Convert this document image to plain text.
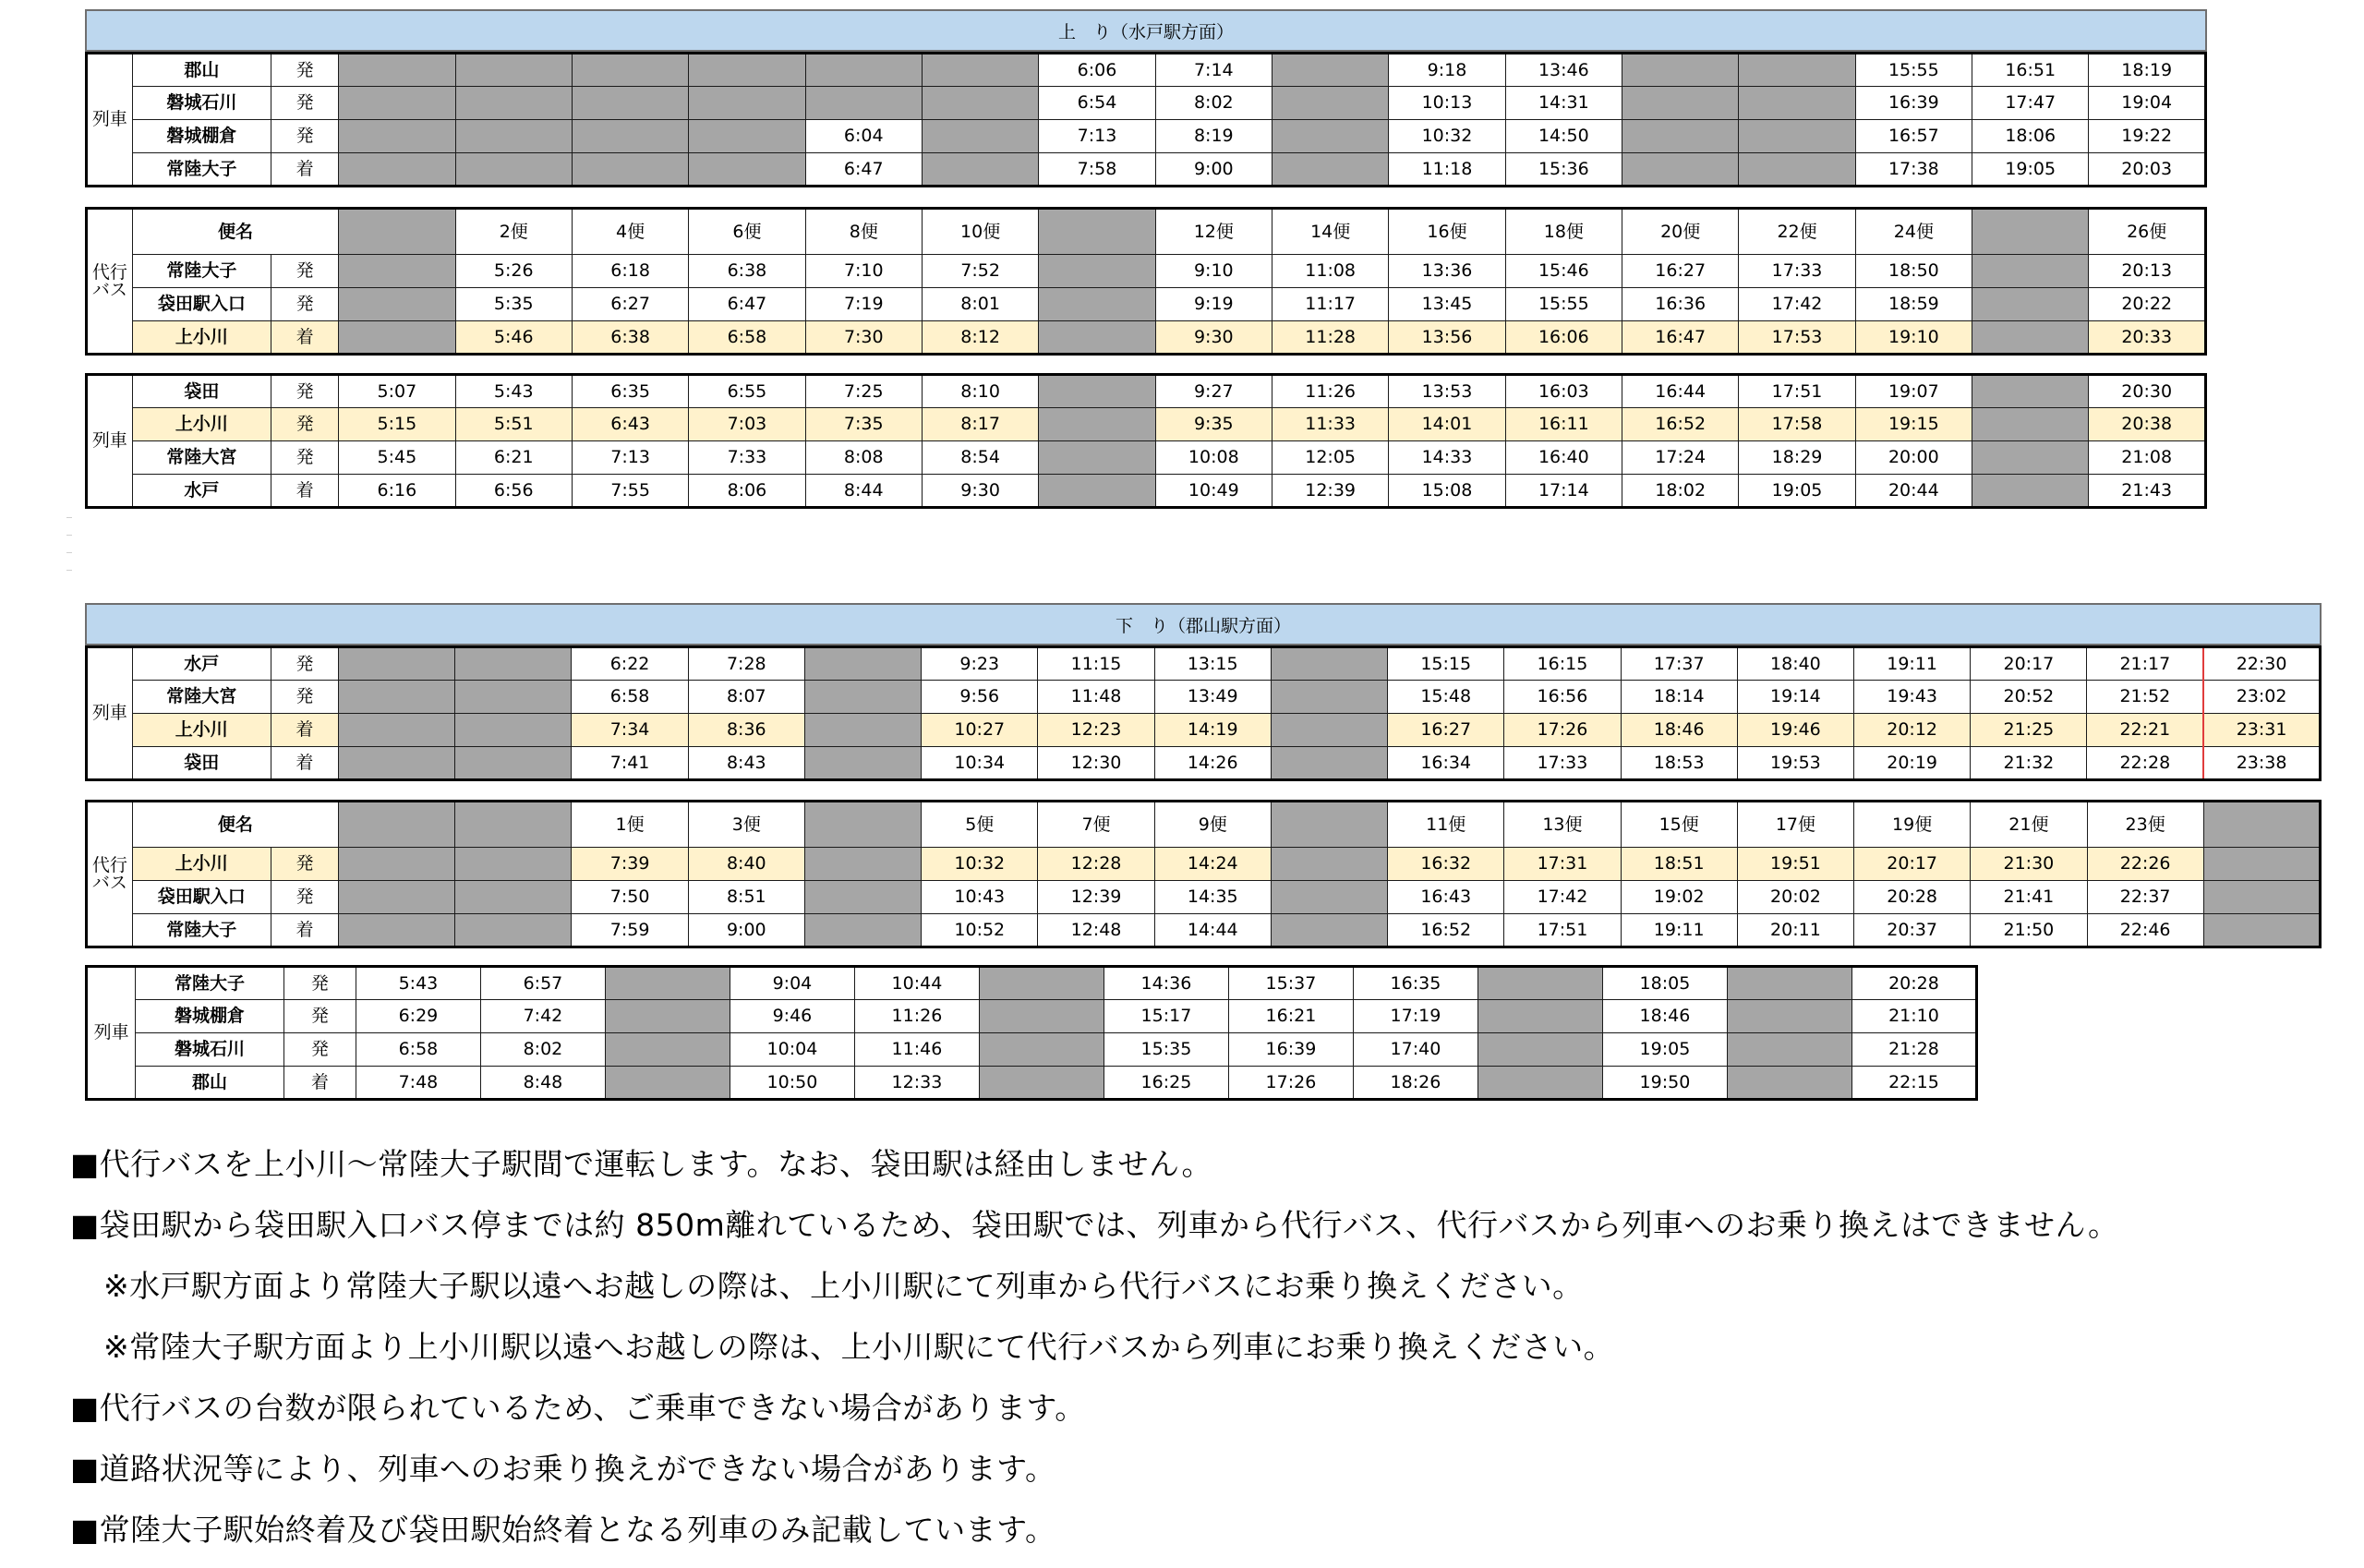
上　り（水戸駅方面）
列車	郡山	発							6:06	7:14		9:18	13:46			15:55	16:51	18:19
	磐城石川	発							6:54	8:02		10:13	14:31			16:39	17:47	19:04
	磐城棚倉	発					6:04		7:13	8:19		10:32	14:50			16:57	18:06	19:22
	常陸大子	着					6:47		7:58	9:00		11:18	15:36			17:38	19:05	20:03
代行
バス	便名			2便	4便	6便	8便	10便		12便	14便	16便	18便	20便	22便	24便		26便
	常陸大子	発		5:26	6:18	6:38	7:10	7:52		9:10	11:08	13:36	15:46	16:27	17:33	18:50		20:13
	袋田駅入口	発		5:35	6:27	6:47	7:19	8:01		9:19	11:17	13:45	15:55	16:36	17:42	18:59		20:22
	上小川	着		5:46	6:38	6:58	7:30	8:12		9:30	11:28	13:56	16:06	16:47	17:53	19:10		20:33
列車	袋田	発	5:07	5:43	6:35	6:55	7:25	8:10		9:27	11:26	13:53	16:03	16:44	17:51	19:07		20:30
	上小川	発	5:15	5:51	6:43	7:03	7:35	8:17		9:35	11:33	14:01	16:11	16:52	17:58	19:15		20:38
	常陸大宮	発	5:45	6:21	7:13	7:33	8:08	8:54		10:08	12:05	14:33	16:40	17:24	18:29	20:00		21:08
	水戸	着	6:16	6:56	7:55	8:06	8:44	9:30		10:49	12:39	15:08	17:14	18:02	19:05	20:44		21:43
下　り（郡山駅方面）
列車	水戸	発			6:22	7:28		9:23	11:15	13:15		15:15	16:15	17:37	18:40	19:11	20:17	21:17	22:30
	常陸大宮	発			6:58	8:07		9:56	11:48	13:49		15:48	16:56	18:14	19:14	19:43	20:52	21:52	23:02
	上小川	着			7:34	8:36		10:27	12:23	14:19		16:27	17:26	18:46	19:46	20:12	21:25	22:21	23:31
	袋田	着			7:41	8:43		10:34	12:30	14:26		16:34	17:33	18:53	19:53	20:19	21:32	22:28	23:38
代行
バス	便名				1便	3便		5便	7便	9便		11便	13便	15便	17便	19便	21便	23便	
	上小川	発			7:39	8:40		10:32	12:28	14:24		16:32	17:31	18:51	19:51	20:17	21:30	22:26	
	袋田駅入口	発			7:50	8:51		10:43	12:39	14:35		16:43	17:42	19:02	20:02	20:28	21:41	22:37	
	常陸大子	着			7:59	9:00		10:52	12:48	14:44		16:52	17:51	19:11	20:11	20:37	21:50	22:46	
列車	常陸大子	発	5:43	6:57		9:04	10:44		14:36	15:37	16:35		18:05		20:28
	磐城棚倉	発	6:29	7:42		9:46	11:26		15:17	16:21	17:19		18:46		21:10
	磐城石川	発	6:58	8:02		10:04	11:46		15:35	16:39	17:40		19:05		21:28
	郡山	着	7:48	8:48		10:50	12:33		16:25	17:26	18:26		19:50		22:15
■代行バスを上小川～常陸大子駅間で運転します。なお、袋田駅は経由しません。
■袋田駅から袋田駅入口バス停までは約 850m離れているため、袋田駅では、列車から代行バス、代行バスから列車へのお乗り換えはできません。
※水戸駅方面より常陸大子駅以遠へお越しの際は、上小川駅にて列車から代行バスにお乗り換えください。
※常陸大子駅方面より上小川駅以遠へお越しの際は、上小川駅にて代行バスから列車にお乗り換えください。
■代行バスの台数が限られているため、ご乗車できない場合があります。
■道路状況等により、列車へのお乗り換えができない場合があります。
■常陸大子駅始終着及び袋田駅始終着となる列車のみ記載しています。
